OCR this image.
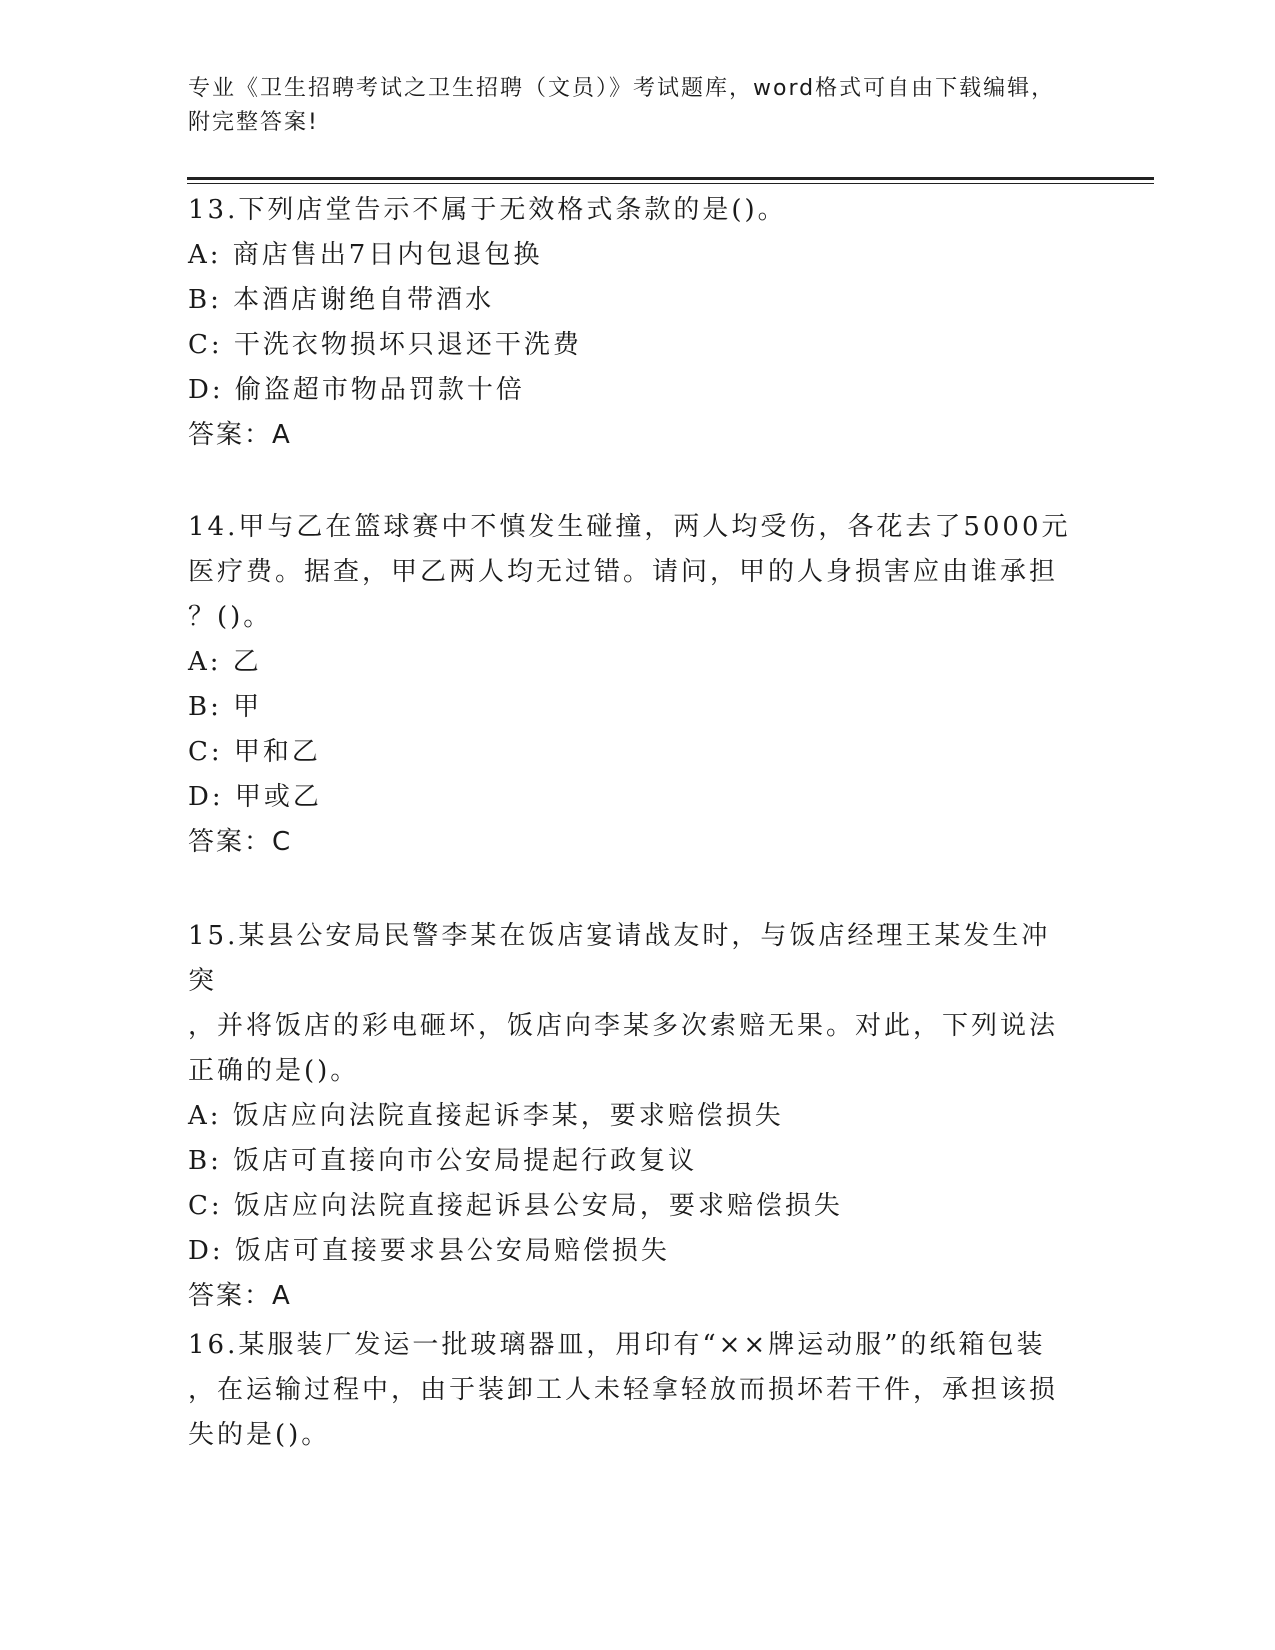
专业《卫生招聘考试之卫生招聘（文员）》考试题库，word格式可自由下载编辑，附完整答案!

13.下列店堂告示不属于无效格式条款的是()。

A: 商店售出7日内包退包换

B: 本酒店谢绝自带酒水

C: 干洗衣物损坏只退还干洗费

D: 偷盗超市物品罚款十倍

答案：A

14.甲与乙在篮球赛中不慎发生碰撞，两人均受伤，各花去了5000元

医疗费。据查，甲乙两人均无过错。请问，甲的人身损害应由谁承担

？()。

A: 乙

B: 甲

C: 甲和乙

D: 甲或乙

答案：C

15.某县公安局民警李某在饭店宴请战友时，与饭店经理王某发生冲突

，并将饭店的彩电砸坏，饭店向李某多次索赔无果。对此，下列说法

正确的是()。

A: 饭店应向法院直接起诉李某，要求赔偿损失

B: 饭店可直接向市公安局提起行政复议

C: 饭店应向法院直接起诉县公安局，要求赔偿损失

D: 饭店可直接要求县公安局赔偿损失

答案：A

16.某服装厂发运一批玻璃器皿，用印有“××牌运动服”的纸箱包装

，在运输过程中，由于装卸工人未轻拿轻放而损坏若干件，承担该损

失的是()。
